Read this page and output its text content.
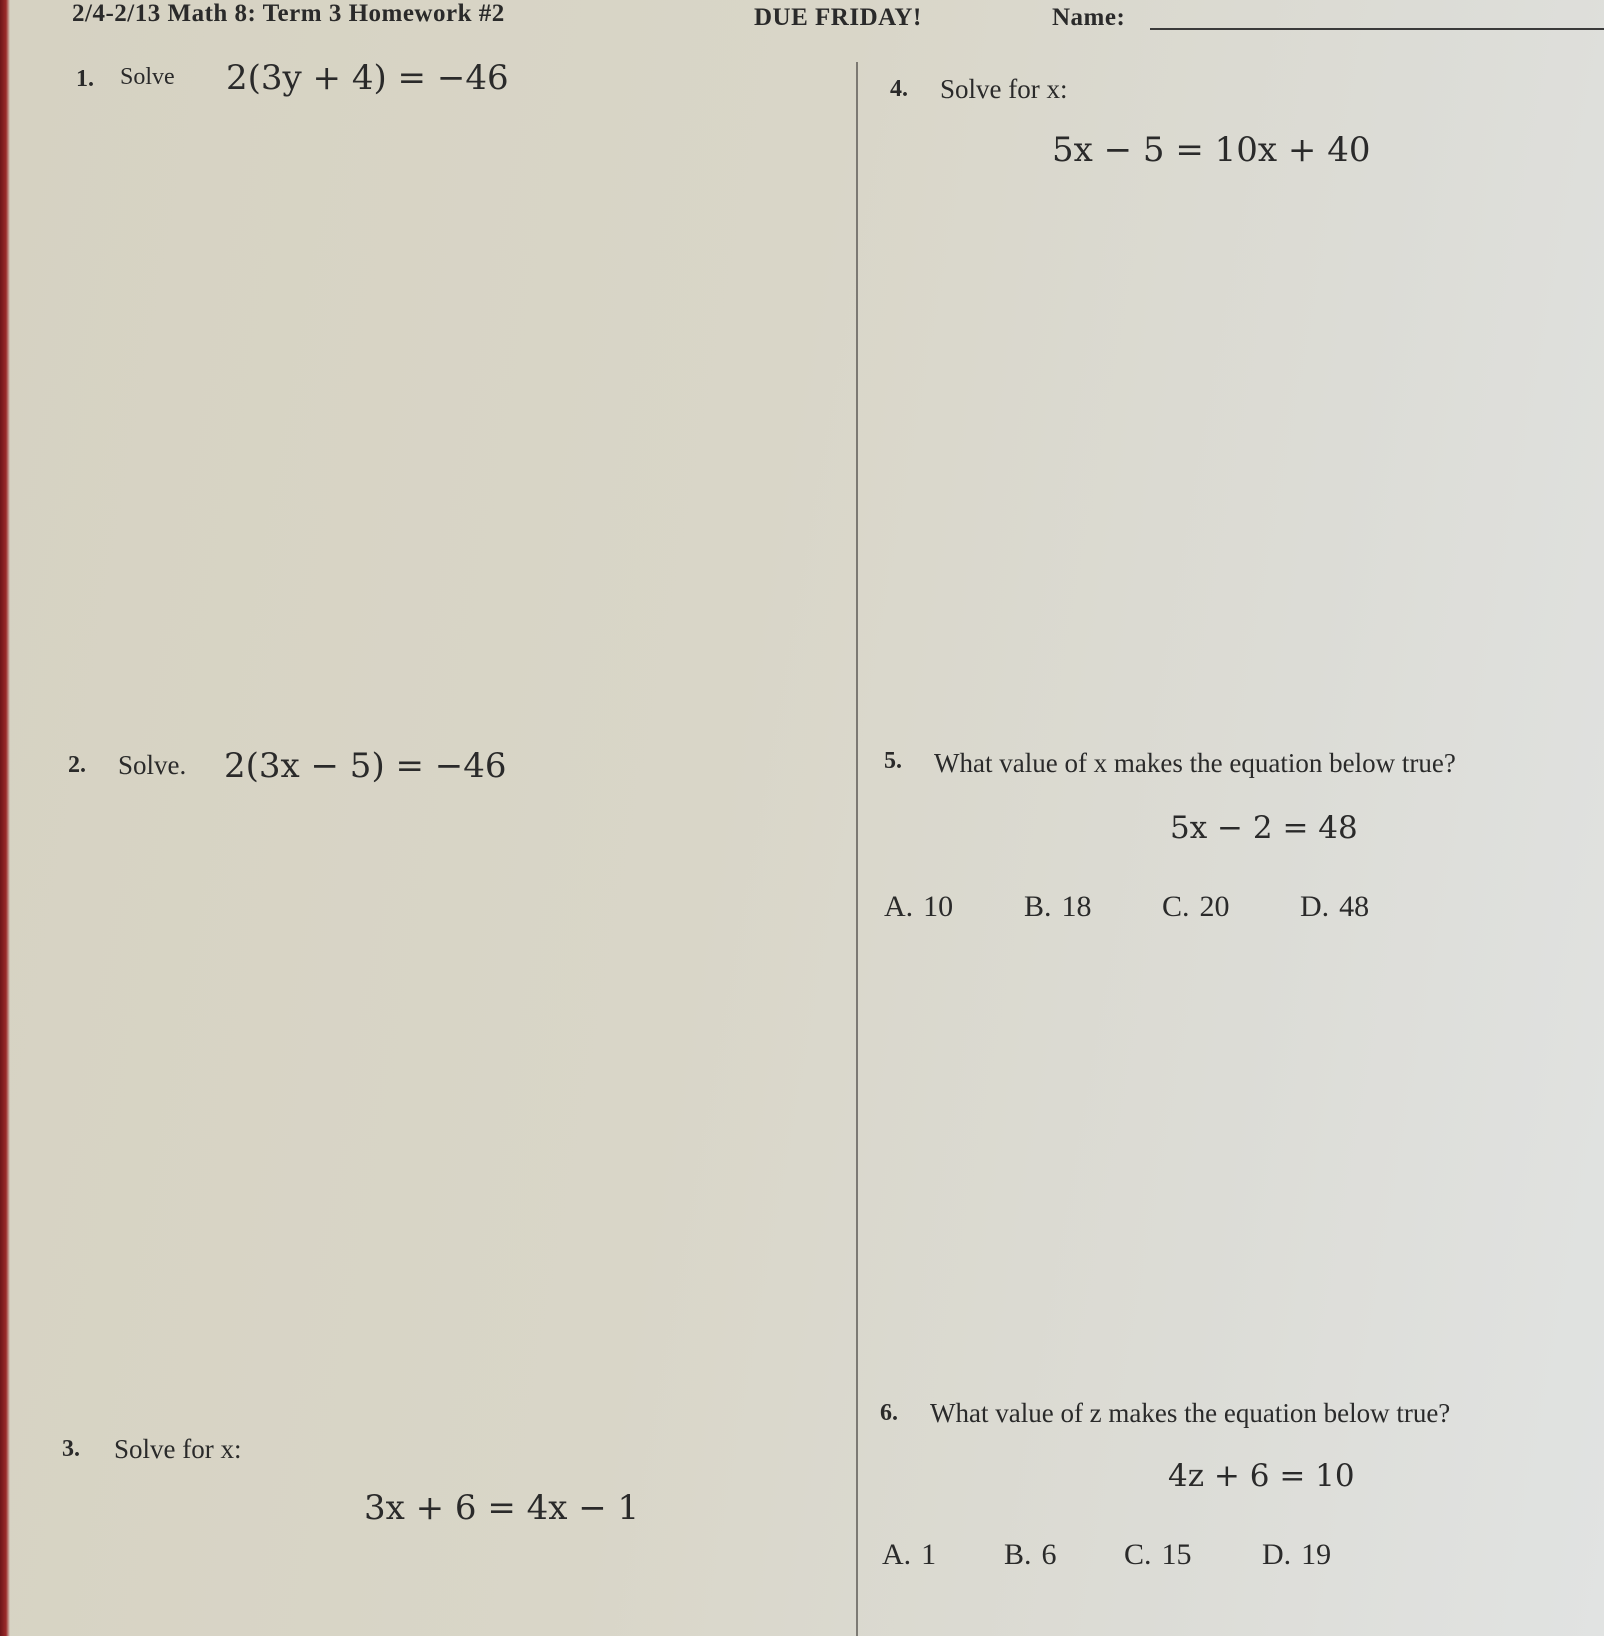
2/4-2/13 Math 8: Term 3 Homework #2	DUE FRIDAY!	Name:
1. Solve 2(3y + 4) = −46
2. Solve. 2(3x − 5) = −46
3. Solve for x:
3x + 6 = 4x − 1
4. Solve for x:
5x − 5 = 10x + 40
5. What value of x makes the equation below true?
5x − 2 = 48
A. 10 B. 18 C. 20 D. 48
6. What value of z makes the equation below true?
4z + 6 = 10
A. 1 B. 6 C. 15 D. 19
